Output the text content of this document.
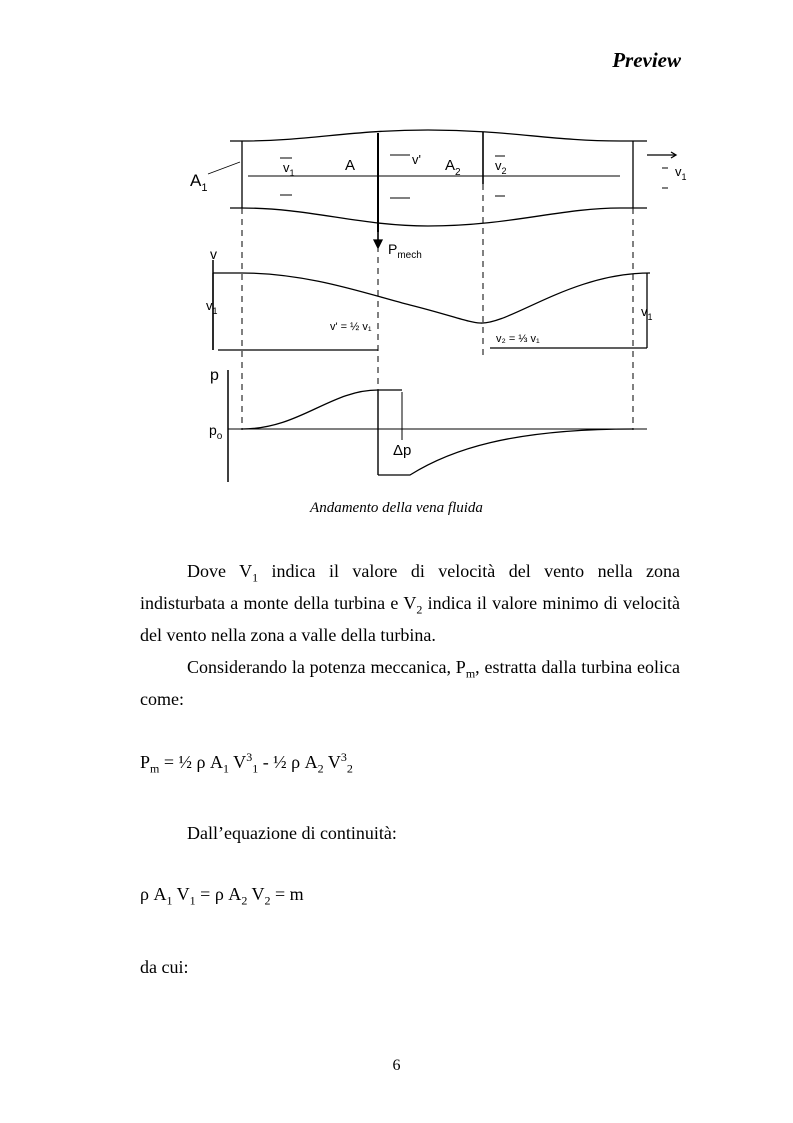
Preview
$A_1$
A	$A_2$
$v_1$
v'	$v_2$	$v_1$
$P_{mech}$
v
$v_1$
v' = ½ v₁
v₂ = ⅓ v₁
$v_1$
p
$p_o$
Δp
Andamento della vena fluida

Dove $V_1$ indica il valore di velocità del vento nella zona indisturbata a monte della turbina e $V_2$ indica il valore minimo di velocità del vento nella zona a valle della turbina.

Considerando la potenza meccanica, $P_m$, estratta dalla turbina eolica come:

$P_m$ = ½ ρ $A_1$ $V^3_1$ - ½ ρ $A_2$ $V^3_2$

Dall’equazione di continuità:

ρ $A_1$ $V_1 = \rho$ $A_2$ $V_2 = m$
da cui:
6
